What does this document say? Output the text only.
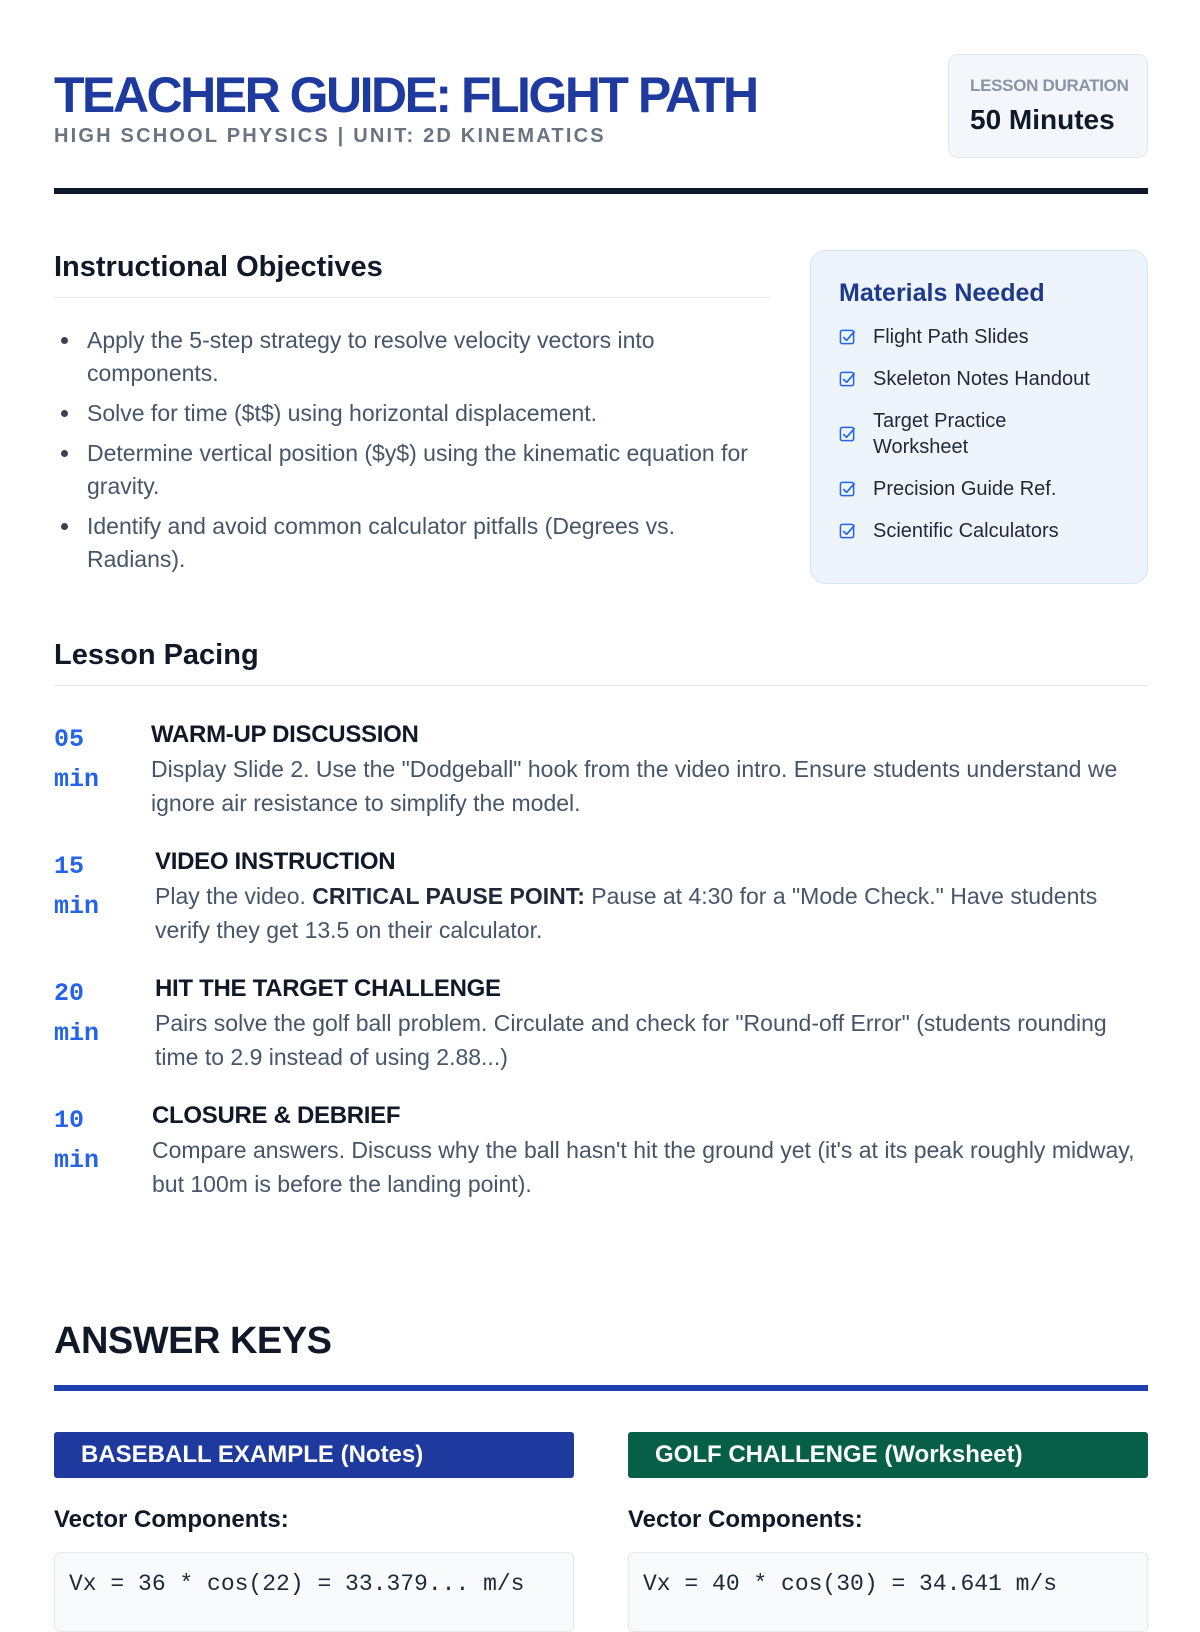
TEACHER GUIDE: FLIGHT PATH
HIGH SCHOOL PHYSICS | UNIT: 2D KINEMATICS
LESSON DURATION
50 Minutes
Instructional Objectives
Apply the 5-step strategy to resolve velocity vectors into components.
Solve for time ($t$) using horizontal displacement.
Determine vertical position ($y$) using the kinematic equation for gravity.
Identify and avoid common calculator pitfalls (Degrees vs. Radians).
Materials Needed
Flight Path Slides
Skeleton Notes Handout
Target Practice Worksheet
Precision Guide Ref.
Scientific Calculators
Lesson Pacing
05
min
WARM-UP DISCUSSION
Display Slide 2. Use the "Dodgeball" hook from the video intro. Ensure students understand we ignore air resistance to simplify the model.
15
min
VIDEO INSTRUCTION
Play the video. CRITICAL PAUSE POINT: Pause at 4:30 for a "Mode Check." Have students verify they get 13.5 on their calculator.
20
min
HIT THE TARGET CHALLENGE
Pairs solve the golf ball problem. Circulate and check for "Round-off Error" (students rounding time to 2.9 instead of using 2.88...)
10
min
CLOSURE & DEBRIEF
Compare answers. Discuss why the ball hasn't hit the ground yet (it's at its peak roughly midway, but 100m is before the landing point).
ANSWER KEYS
BASEBALL EXAMPLE (Notes)
Vector Components:
Vx = 36 * cos(22) = 33.379... m/s
GOLF CHALLENGE (Worksheet)
Vector Components:
Vx = 40 * cos(30) = 34.641 m/s
